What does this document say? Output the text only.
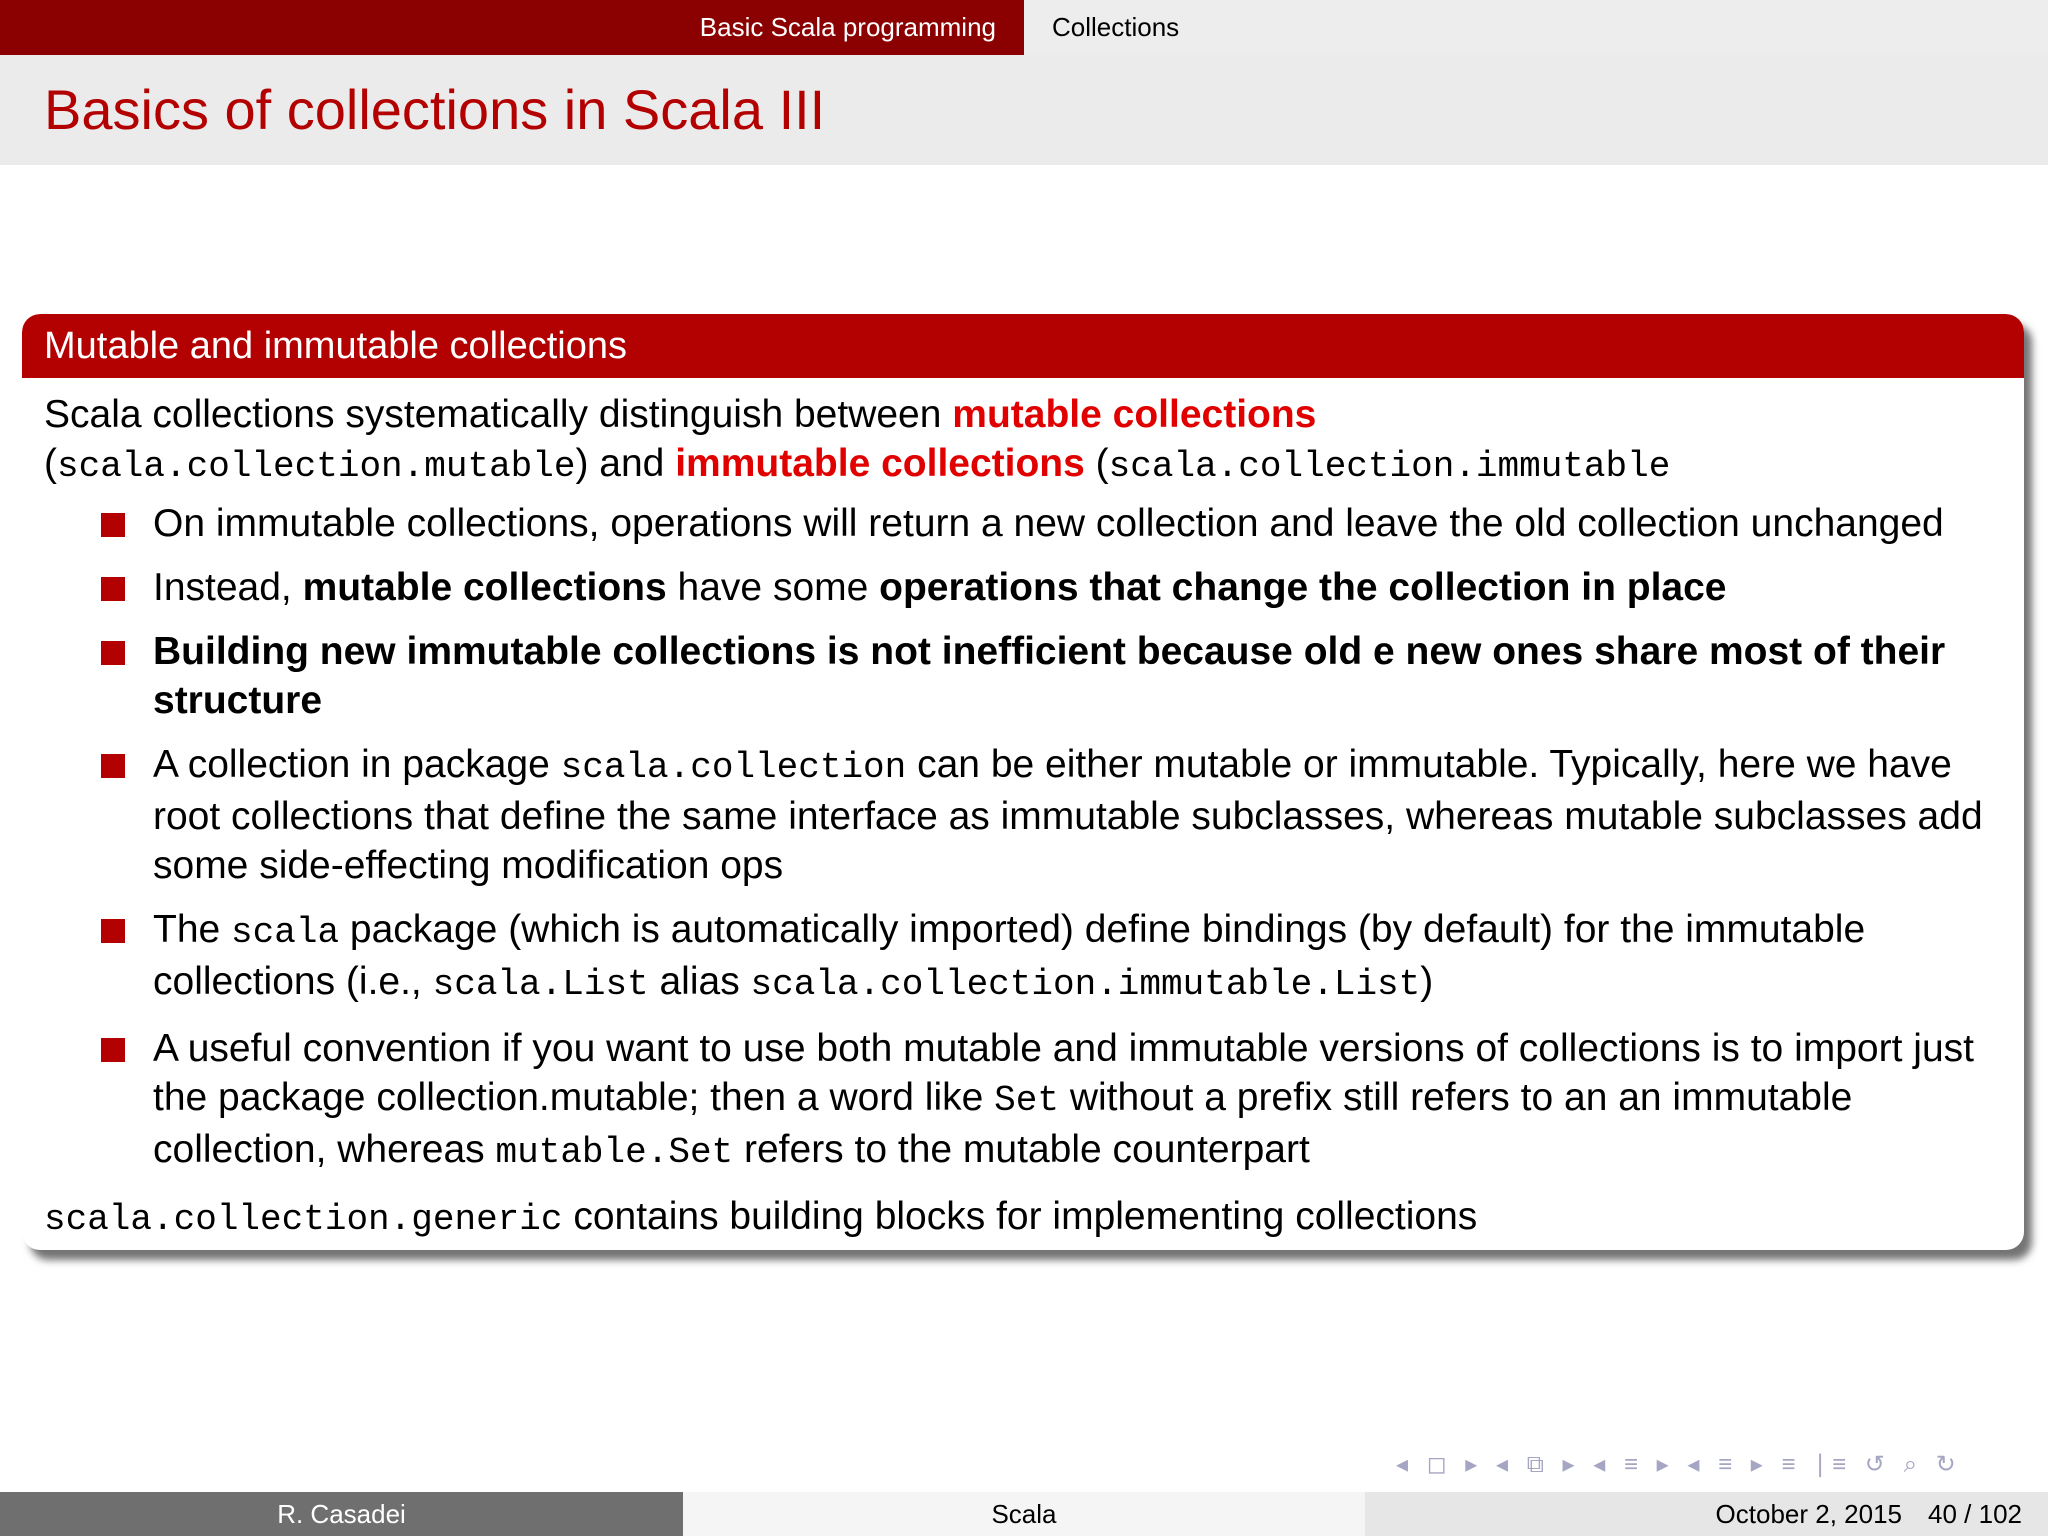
Basic Scala programming	Collections
Basics of collections in Scala III
Mutable and immutable collections

Scala collections systematically distinguish between mutable collections
(scala.collection.mutable) and immutable collections (scala.collection.immutable

On immutable collections, operations will return a new collection and leave the old collection unchanged
Instead, mutable collections have some operations that change the collection in place
Building new immutable collections is not inefficient because old e new ones share most of their structure
A collection in package scala.collection can be either mutable or immutable. Typically, here we have root collections that define the same interface as immutable subclasses, whereas mutable subclasses add some side-effecting modification ops
The scala package (which is automatically imported) define bindings (by default) for the immutable collections (i.e., scala.List alias scala.collection.immutable.List)
A useful convention if you want to use both mutable and immutable versions of collections is to import just the package collection.mutable; then a word like Set without a prefix still refers to an an immutable collection, whereas mutable.Set refers to the mutable counterpart

scala.collection.generic contains building blocks for implementing collections

◂ ◻ ▸ ◂ ⧉ ▸ ◂ ≡ ▸ ◂ ≡ ▸ ≡ ∣≡ ↺ ⌕ ↻
R. Casadei	Scala	October 2, 2015 40 / 102
